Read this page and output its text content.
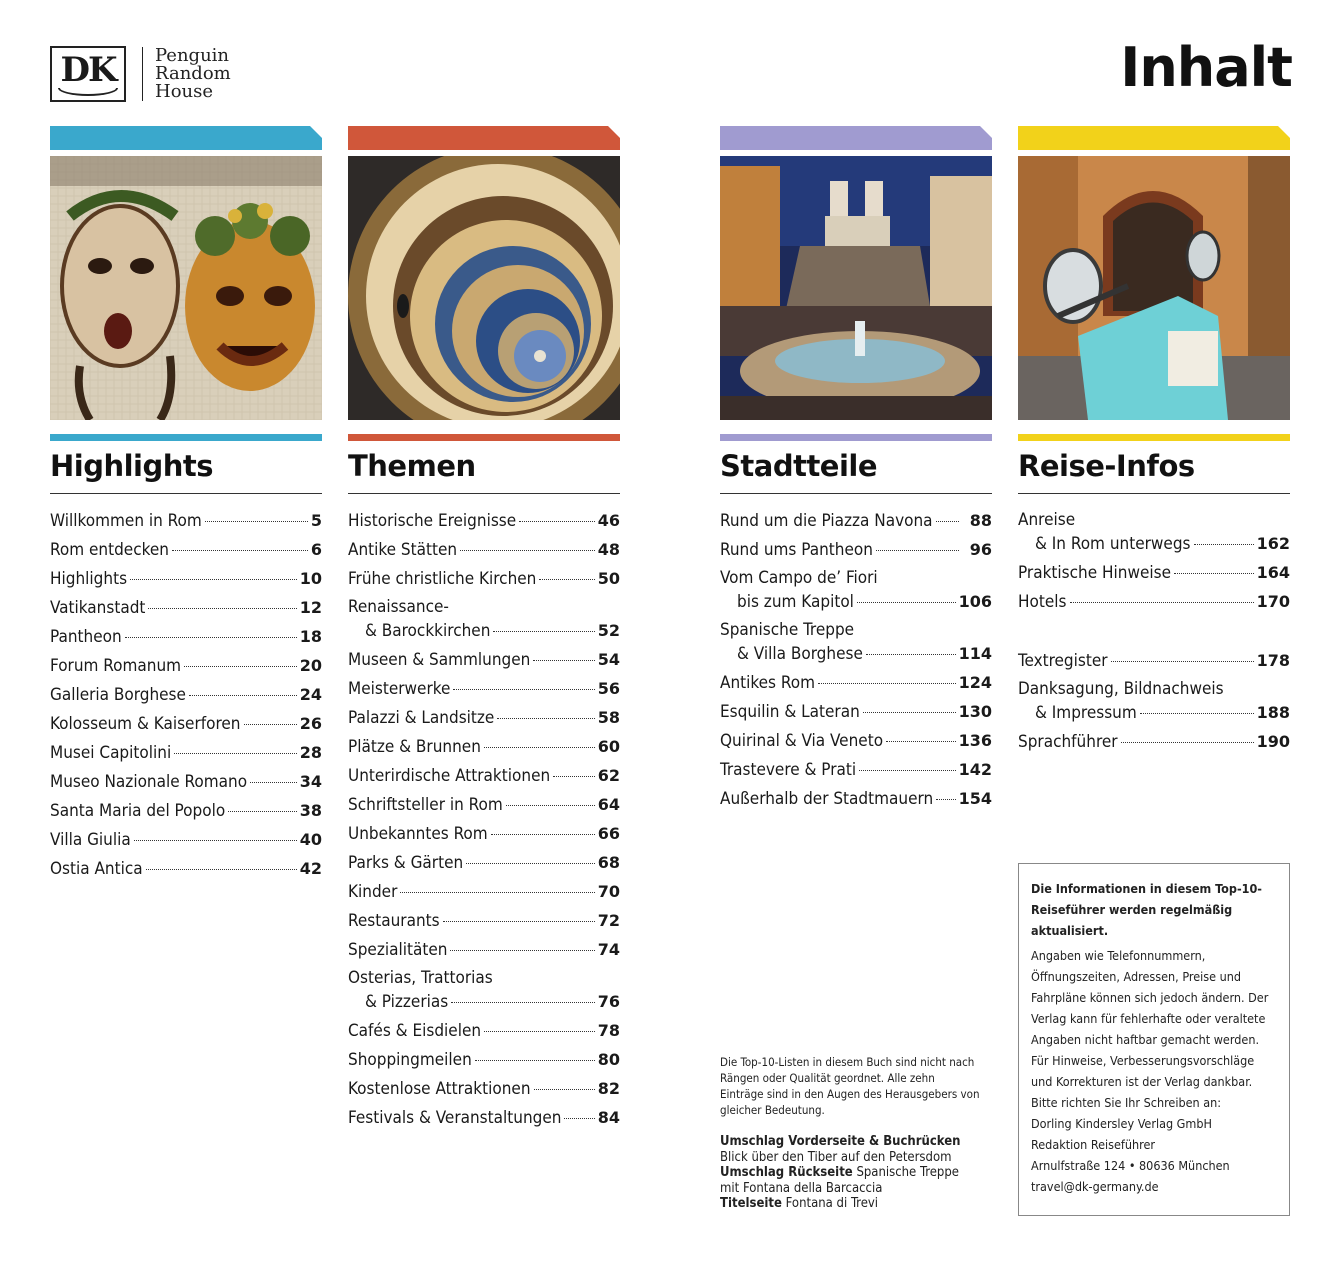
DK Penguin
Random
House	Inhalt
Highlights
Willkommen in Rom	5
Rom entdecken	6
Highlights	10
Vatikanstadt	12
Pantheon	18
Forum Romanum	20
Galleria Borghese	24
Kolosseum & Kaiserforen	26
Musei Capitolini	28
Museo Nazionale Romano	34
Santa Maria del Popolo	38
Villa Giulia	40
Ostia Antica	42
Themen
Historische Ereignisse	46
Antike Stätten	48
Frühe christliche Kirchen	50
Renaissance-
& Barockkirchen	52
Museen & Sammlungen	54
Meisterwerke	56
Palazzi & Landsitze	58
Plätze & Brunnen	60
Unterirdische Attraktionen	62
Schriftsteller in Rom	64
Unbekanntes Rom	66
Parks & Gärten	68
Kinder	70
Restaurants	72
Spezialitäten	74
Osterias, Trattorias
& Pizzerias	76
Cafés & Eisdielen	78
Shoppingmeilen	80
Kostenlose Attraktionen	82
Festivals & Veranstaltungen 84
Stadtteile
Rund um die Piazza Navona	88
Rund ums Pantheon	96
Vom Campo de’ Fiori
bis zum Kapitol	106
Spanische Treppe
& Villa Borghese	114
Antikes Rom	124
Esquilin & Lateran	130
Quirinal & Via Veneto	136
Trastevere & Prati	142
Außerhalb der Stadtmauern 154
Reise-Infos
Anreise
& In Rom unterwegs	162
Praktische Hinweise	164
Hotels	170
Textregister	178
Danksagung, Bildnachweis
& Impressum	188
Sprachführer	190

Die Top-10-Listen in diesem Buch sind nicht nach Rängen oder Qualität geordnet. Alle zehn Einträge sind in den Augen des Herausgebers von gleicher Bedeutung.

Umschlag Vorderseite & Buchrücken
Blick über den Tiber auf den Petersdom
Umschlag Rückseite Spanische Treppe mit Fontana della Barcaccia
Titelseite Fontana di Trevi

Die Informationen in diesem Top-10-Reiseführer werden regelmäßig aktualisiert.

Angaben wie Telefonnummern, Öffnungszeiten, Adressen, Preise und Fahrpläne können sich jedoch ändern. Der Verlag kann für fehlerhafte oder veraltete Angaben nicht haftbar gemacht werden. Für Hinweise, Verbesserungsvorschläge und Korrekturen ist der Verlag dankbar. Bitte richten Sie Ihr Schreiben an:

Dorling Kindersley Verlag GmbH
Redaktion Reiseführer
Arnulfstraße 124 • 80636 München
travel@dk-germany.de
